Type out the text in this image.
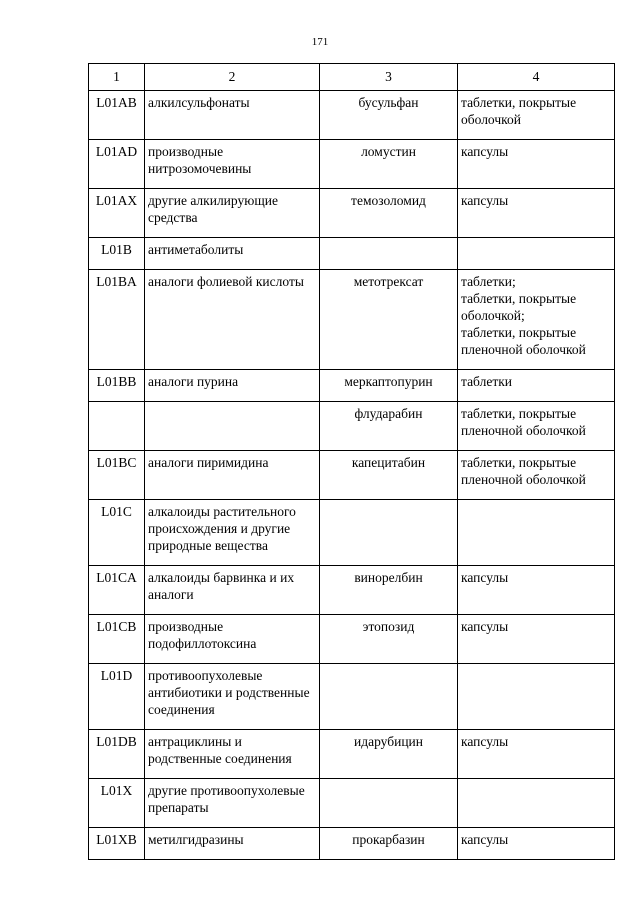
171
1	2	3	4
L01AB	алкилсульфонаты	бусульфан	таблетки, покрытые
оболочкой
L01AD	производные нитрозомочевины	ломустин	капсулы
L01AX	другие алкилирующие средства	темозоломид	капсулы
L01B	антиметаболиты		
L01BA	аналоги фолиевой кислоты	метотрексат	таблетки;
таблетки, покрытые
оболочкой;
таблетки, покрытые
пленочной оболочкой
L01BB	аналоги пурина	меркаптопурин	таблетки
		флударабин	таблетки, покрытые
пленочной оболочкой
L01BC	аналоги пиримидина	капецитабин	таблетки, покрытые
пленочной оболочкой
L01C	алкалоиды растительного происхождения и другие природные вещества		
L01CA	алкалоиды барвинка и их аналоги	винорелбин	капсулы
L01CB	производные подофиллотоксина	этопозид	капсулы
L01D	противоопухолевые антибиотики и родственные соединения		
L01DB	антрациклины и родственные соединения	идарубицин	капсулы
L01X	другие противоопухолевые препараты		
L01XB	метилгидразины	прокарбазин	капсулы
